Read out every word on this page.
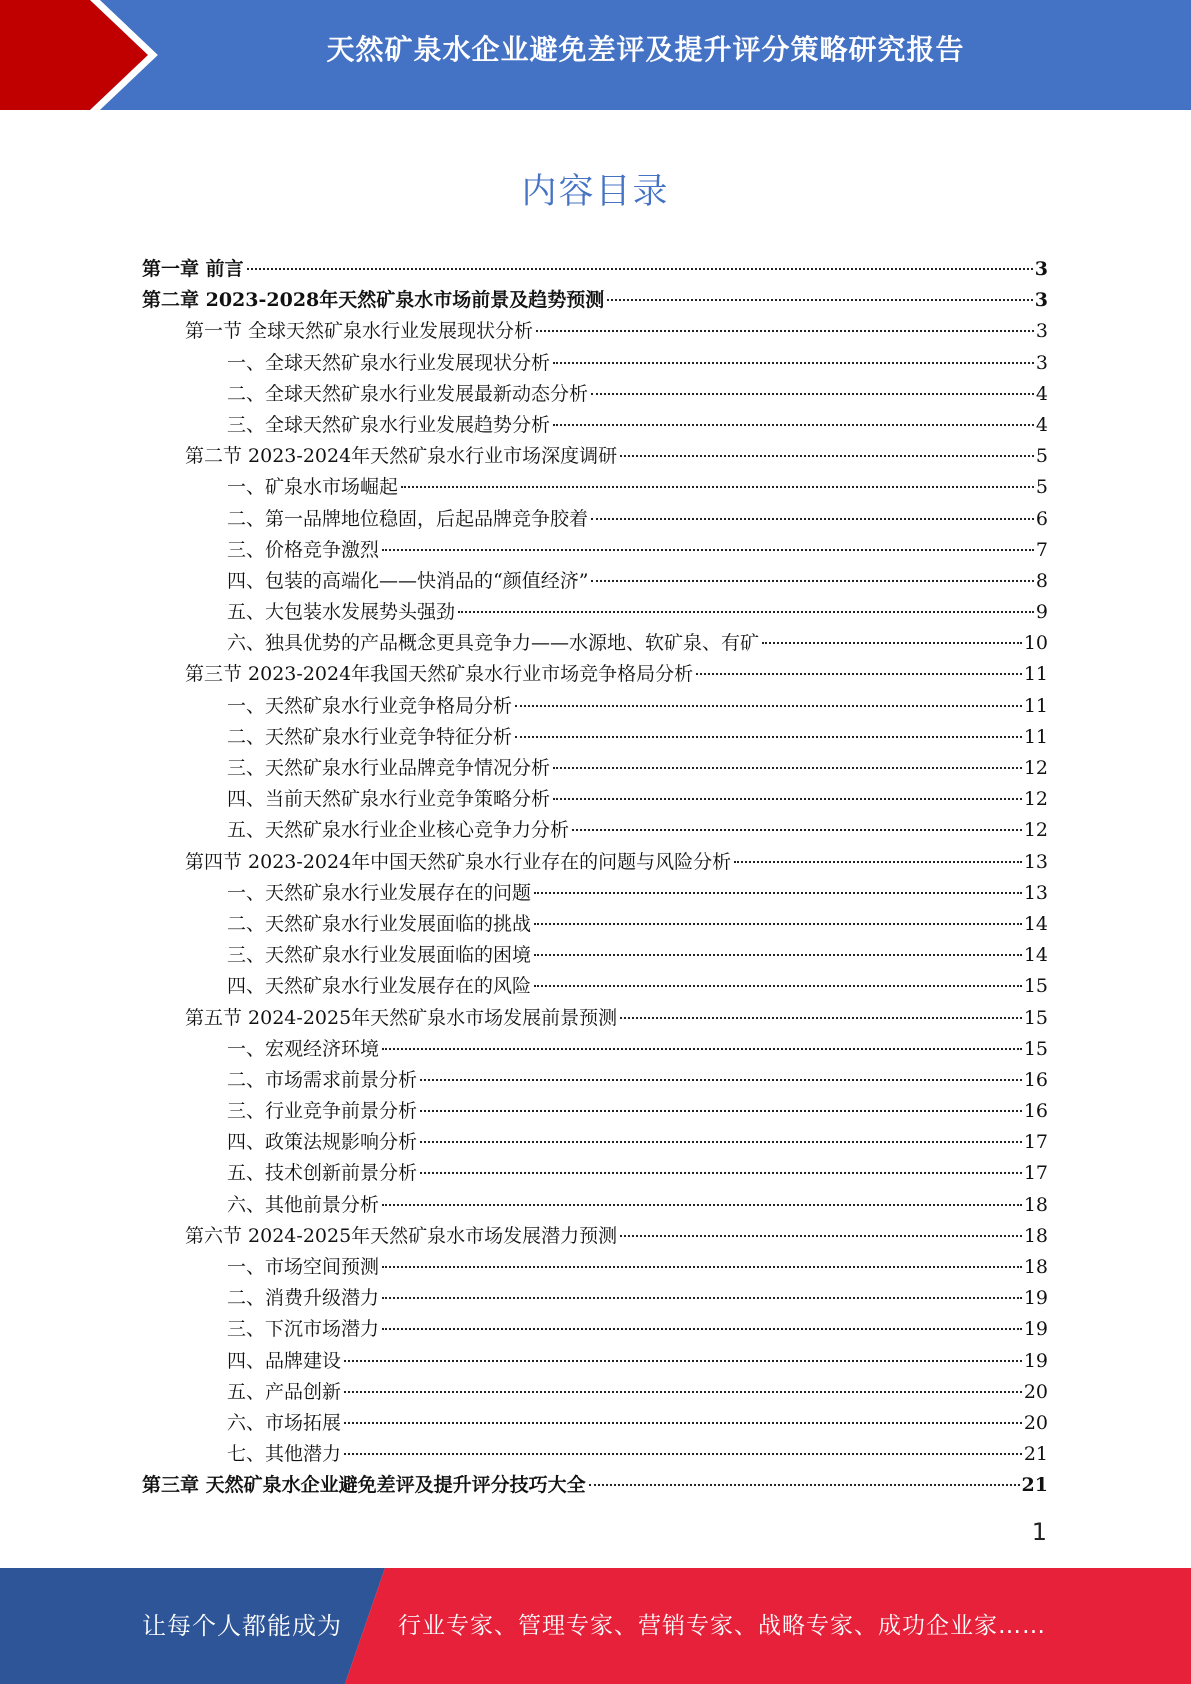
天然矿泉水企业避免差评及提升评分策略研究报告
内容目录
第一章 前言	3
第二章 2023-2028年天然矿泉水市场前景及趋势预测	3
第一节 全球天然矿泉水行业发展现状分析	3
一、全球天然矿泉水行业发展现状分析	3
二、全球天然矿泉水行业发展最新动态分析	4
三、全球天然矿泉水行业发展趋势分析	4
第二节 2023-2024年天然矿泉水行业市场深度调研	5
一、矿泉水市场崛起	5
二、第一品牌地位稳固，后起品牌竞争胶着	6
三、价格竞争激烈	7
四、包装的高端化——快消品的“颜值经济”	8
五、大包装水发展势头强劲	9
六、独具优势的产品概念更具竞争力——水源地、软矿泉、有矿	10
第三节 2023-2024年我国天然矿泉水行业市场竞争格局分析	11
一、天然矿泉水行业竞争格局分析	11
二、天然矿泉水行业竞争特征分析	11
三、天然矿泉水行业品牌竞争情况分析	12
四、当前天然矿泉水行业竞争策略分析	12
五、天然矿泉水行业企业核心竞争力分析	12
第四节 2023-2024年中国天然矿泉水行业存在的问题与风险分析	13
一、天然矿泉水行业发展存在的问题	13
二、天然矿泉水行业发展面临的挑战	14
三、天然矿泉水行业发展面临的困境	14
四、天然矿泉水行业发展存在的风险	15
第五节 2024-2025年天然矿泉水市场发展前景预测	15
一、宏观经济环境	15
二、市场需求前景分析	16
三、行业竞争前景分析	16
四、政策法规影响分析	17
五、技术创新前景分析	17
六、其他前景分析	18
第六节 2024-2025年天然矿泉水市场发展潜力预测	18
一、市场空间预测	18
二、消费升级潜力	19
三、下沉市场潜力	19
四、品牌建设	19
五、产品创新	20
六、市场拓展	20
七、其他潜力	21
第三章 天然矿泉水企业避免差评及提升评分技巧大全	21
1
让每个人都能成为 行业专家、管理专家、营销专家、战略专家、成功企业家……
